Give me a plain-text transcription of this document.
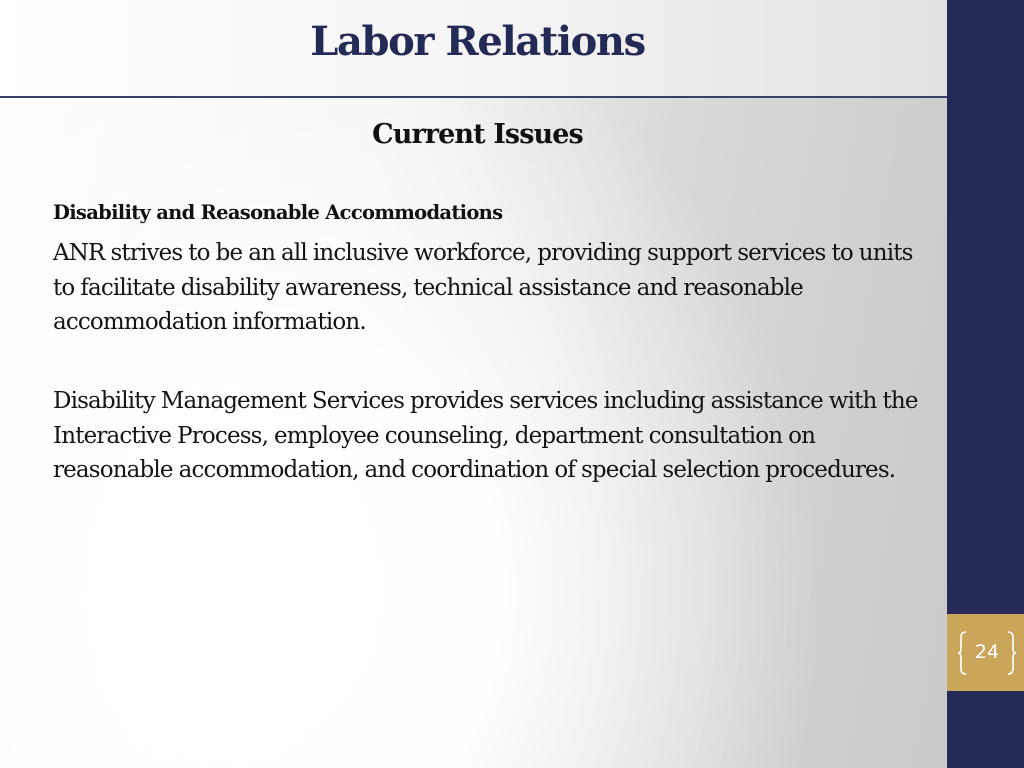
Labor Relations
24
Current Issues
Disability and Reasonable Accommodations
ANR strives to be an all inclusive workforce, providing support services to units to facilitate disability awareness, technical assistance and reasonable accommodation information.
Disability Management Services provides services including assistance with the Interactive Process, employee counseling, department consultation on reasonable accommodation, and coordination of special selection procedures.
